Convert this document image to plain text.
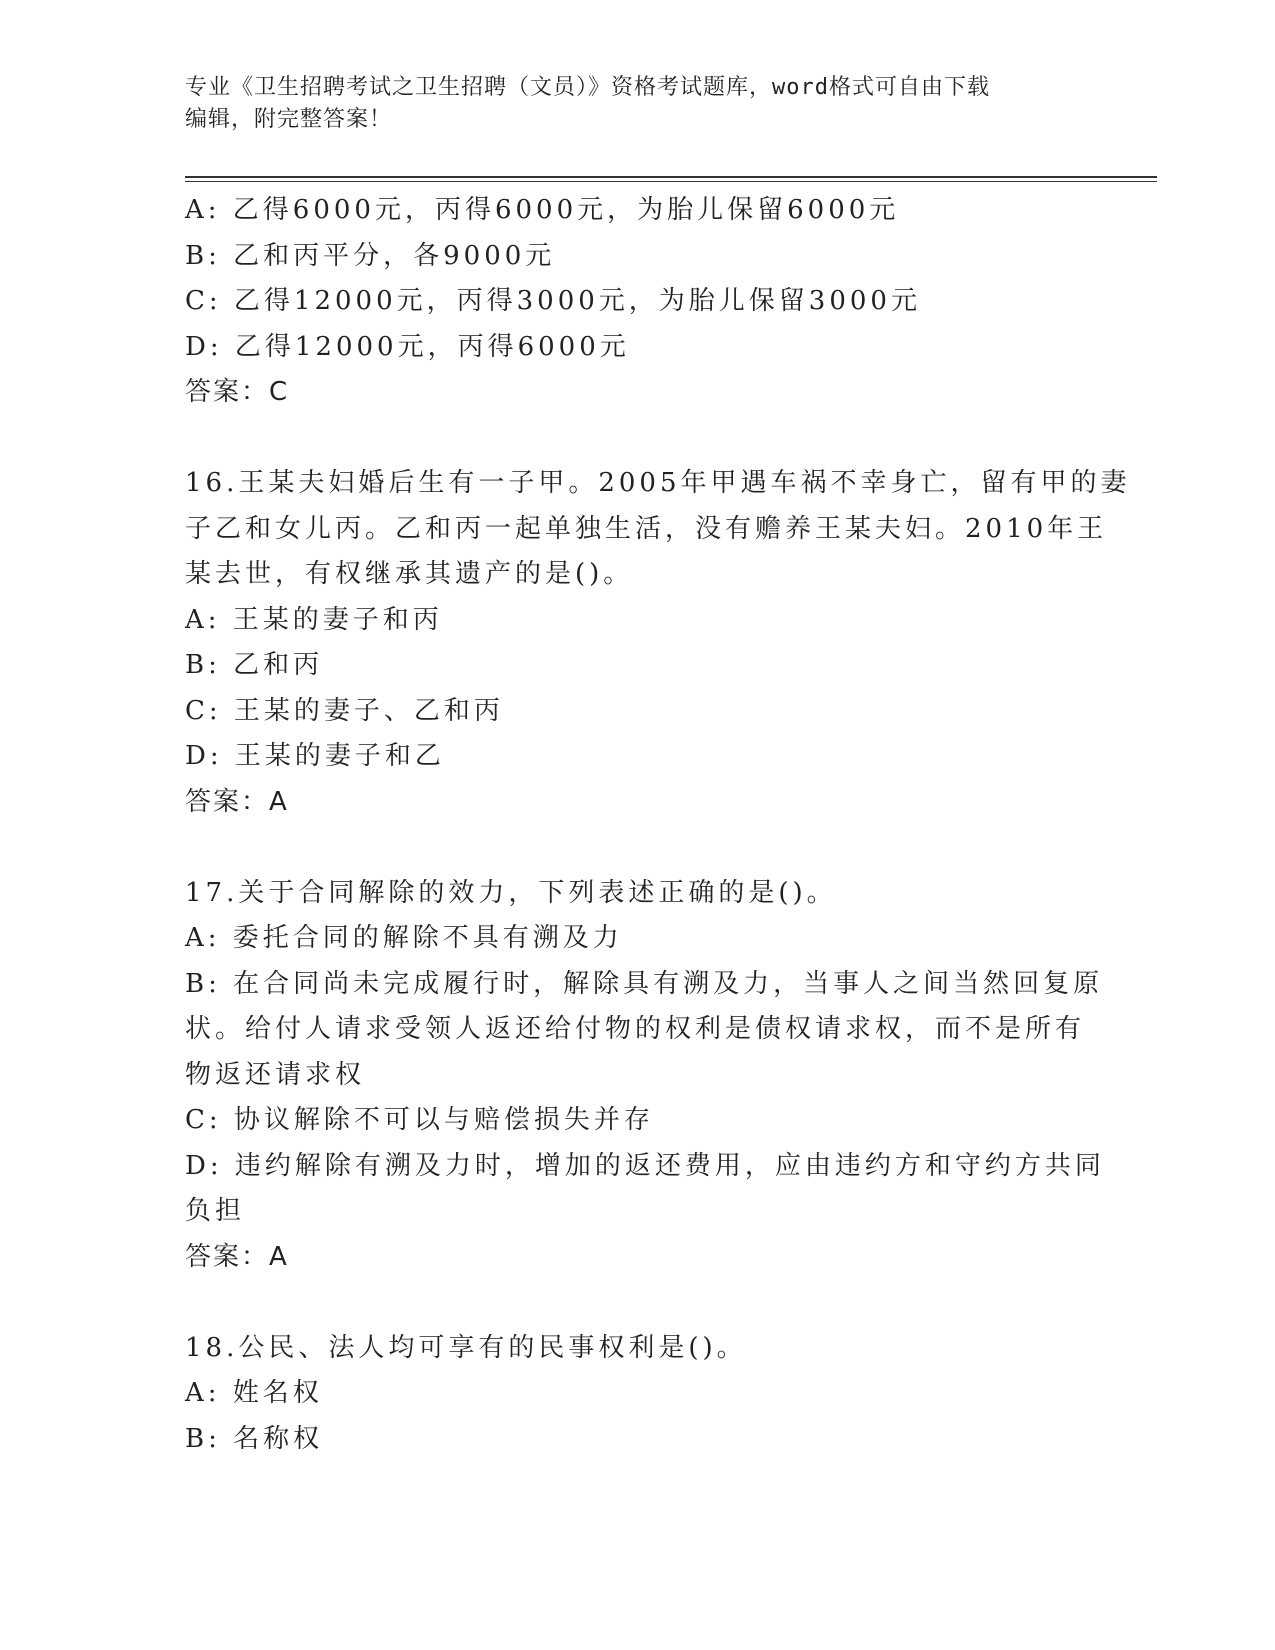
专业《卫生招聘考试之卫生招聘（文员）》资格考试题库，word格式可自由下载
编辑，附完整答案！
A: 乙得6000元，丙得6000元，为胎儿保留6000元
B: 乙和丙平分，各9000元
C: 乙得12000元，丙得3000元，为胎儿保留3000元
D: 乙得12000元，丙得6000元
答案：C
16.王某夫妇婚后生有一子甲。2005年甲遇车祸不幸身亡，留有甲的妻
子乙和女儿丙。乙和丙一起单独生活，没有赡养王某夫妇。2010年王
某去世，有权继承其遗产的是()。
A: 王某的妻子和丙
B: 乙和丙
C: 王某的妻子、乙和丙
D: 王某的妻子和乙
答案：A
17.关于合同解除的效力，下列表述正确的是()。
A: 委托合同的解除不具有溯及力
B: 在合同尚未完成履行时，解除具有溯及力，当事人之间当然回复原
状。给付人请求受领人返还给付物的权利是债权请求权，而不是所有
物返还请求权
C: 协议解除不可以与赔偿损失并存
D: 违约解除有溯及力时，增加的返还费用，应由违约方和守约方共同
负担
答案：A
18.公民、法人均可享有的民事权利是()。
A: 姓名权
B: 名称权
